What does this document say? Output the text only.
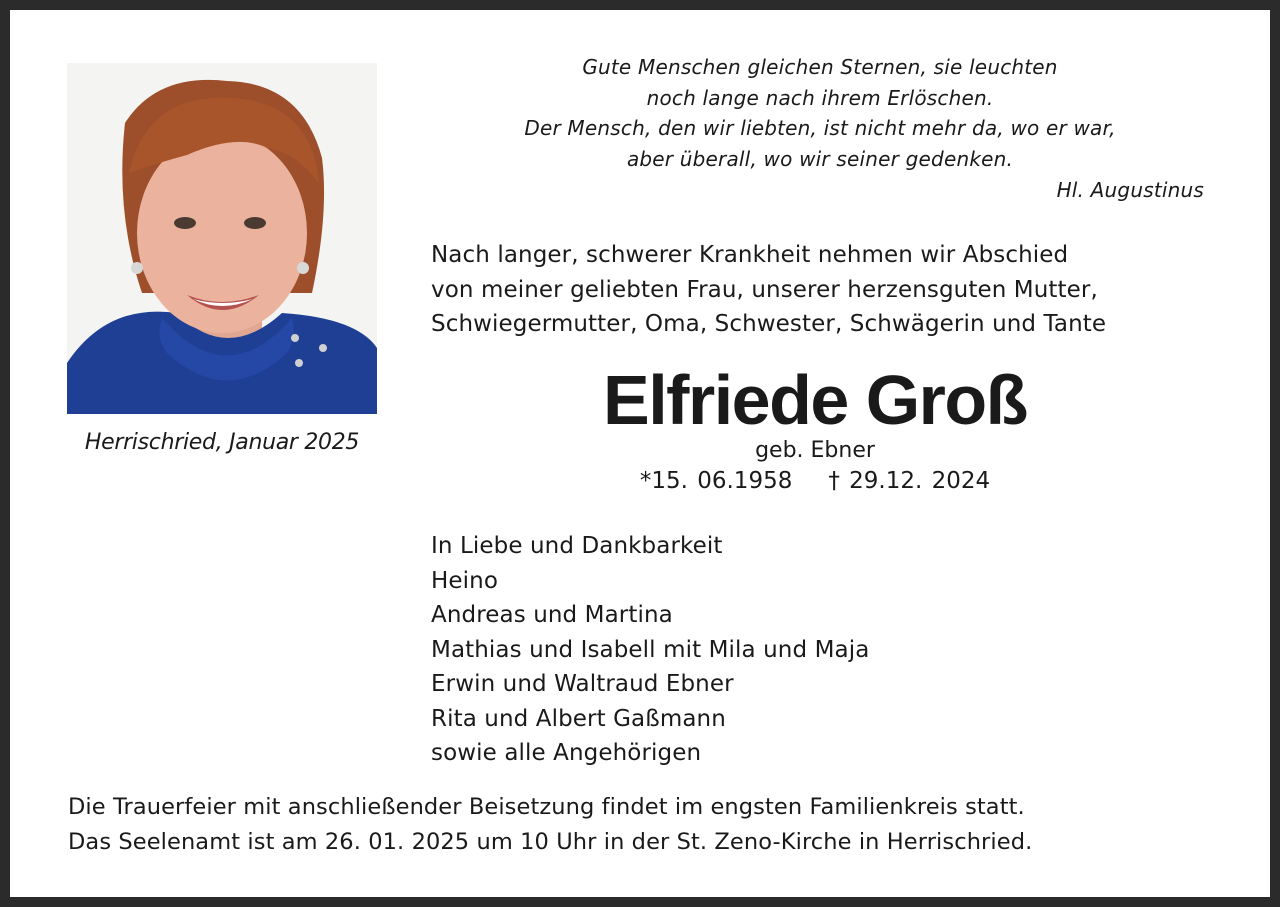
Herrischried, Januar 2025
Gute Menschen gleichen Sternen, sie leuchten
noch lange nach ihrem Erlöschen.
Der Mensch, den wir liebten, ist nicht mehr da, wo er war,
aber überall, wo wir seiner gedenken.
Hl. Augustinus
Nach langer, schwerer Krankheit nehmen wir Abschied
von meiner geliebten Frau, unserer herzensguten Mutter,
Schwiegermutter, Oma, Schwester, Schwägerin und Tante
Elfriede Groß
geb. Ebner
*15. 06.1958 † 29.12. 2024
In Liebe und Dankbarkeit
Heino
Andreas und Martina
Mathias und Isabell mit Mila und Maja
Erwin und Waltraud Ebner
Rita und Albert Gaßmann
sowie alle Angehörigen
Die Trauerfeier mit anschließender Beisetzung findet im engsten Familienkreis statt.
Das Seelenamt ist am 26. 01. 2025 um 10 Uhr in der St. Zeno-Kirche in Herrischried.
